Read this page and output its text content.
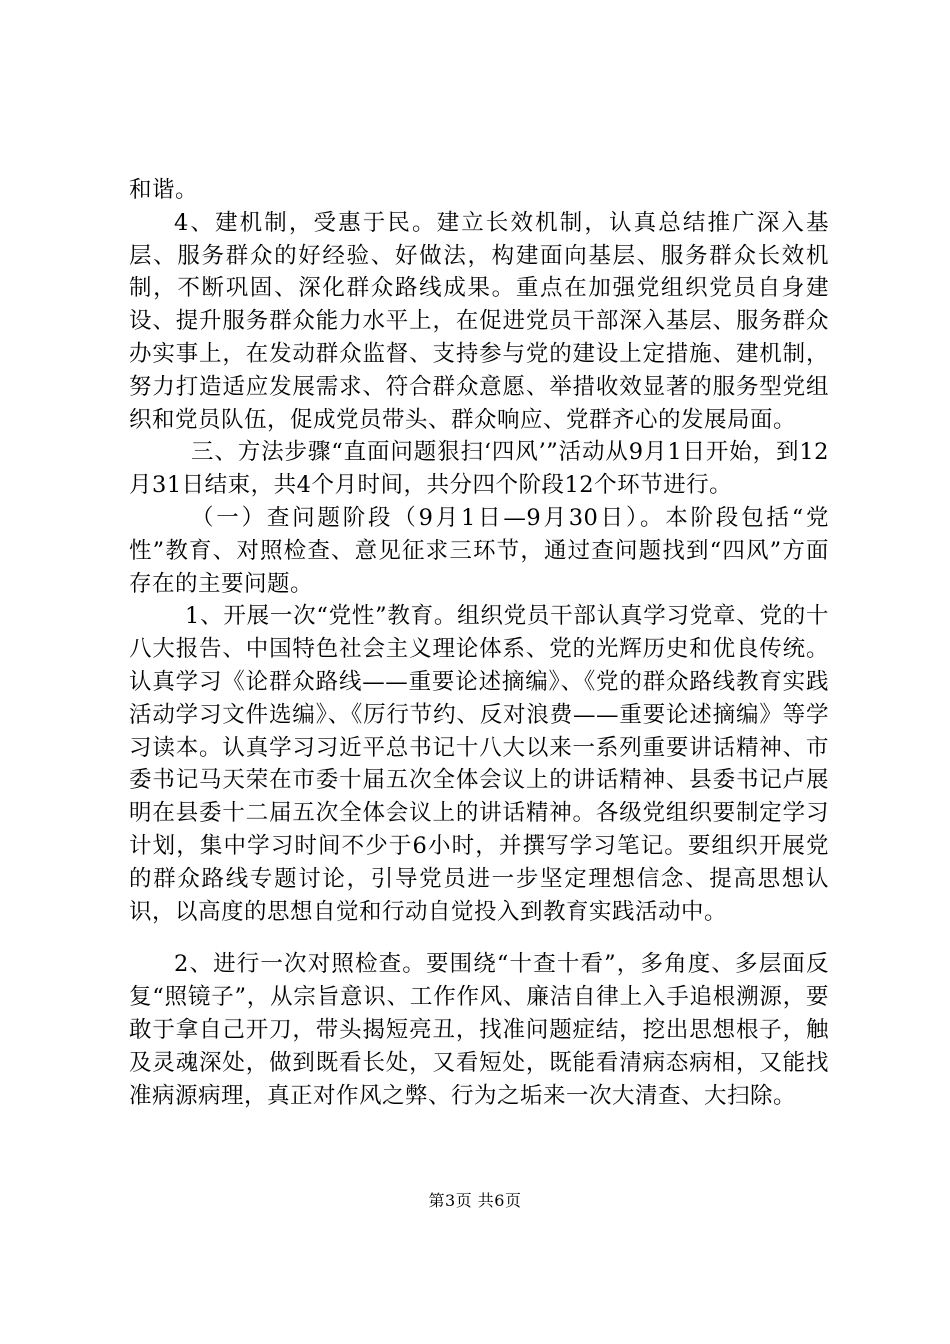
和谐。

4、建机制，受惠于民。建立长效机制，认真总结推广深入基层、服务群众的好经验、好做法，构建面向基层、服务群众长效机制，不断巩固、深化群众路线成果。重点在加强党组织党员自身建设、提升服务群众能力水平上，在促进党员干部深入基层、服务群众办实事上，在发动群众监督、支持参与党的建设上定措施、建机制，努力打造适应发展需求、符合群众意愿、举措收效显著的服务型党组织和党员队伍，促成党员带头、群众响应、党群齐心的发展局面。

三、方法步骤“直面问题狠扫‘四风’”活动从9月1日开始，到12月31日结束，共4个月时间，共分四个阶段12个环节进行。

（一）查问题阶段（9月1日—9月30日）。本阶段包括“党性”教育、对照检查、意见征求三环节，通过查问题找到“四风”方面存在的主要问题。

1、开展一次“党性”教育。组织党员干部认真学习党章、党的十八大报告、中国特色社会主义理论体系、党的光辉历史和优良传统。认真学习《论群众路线——重要论述摘编》、《党的群众路线教育实践活动学习文件选编》、《厉行节约、反对浪费——重要论述摘编》等学习读本。认真学习习近平总书记十八大以来一系列重要讲话精神、市委书记马天荣在市委十届五次全体会议上的讲话精神、县委书记卢展明在县委十二届五次全体会议上的讲话精神。各级党组织要制定学习计划，集中学习时间不少于6小时，并撰写学习笔记。要组织开展党的群众路线专题讨论，引导党员进一步坚定理想信念、提高思想认识，以高度的思想自觉和行动自觉投入到教育实践活动中。

2、进行一次对照检查。要围绕“十查十看”，多角度、多层面反复“照镜子”，从宗旨意识、工作作风、廉洁自律上入手追根溯源，要敢于拿自己开刀，带头揭短亮丑，找准问题症结，挖出思想根子，触及灵魂深处，做到既看长处，又看短处，既能看清病态病相，又能找准病源病理，真正对作风之弊、行为之垢来一次大清查、大扫除。

第3页 共6页
